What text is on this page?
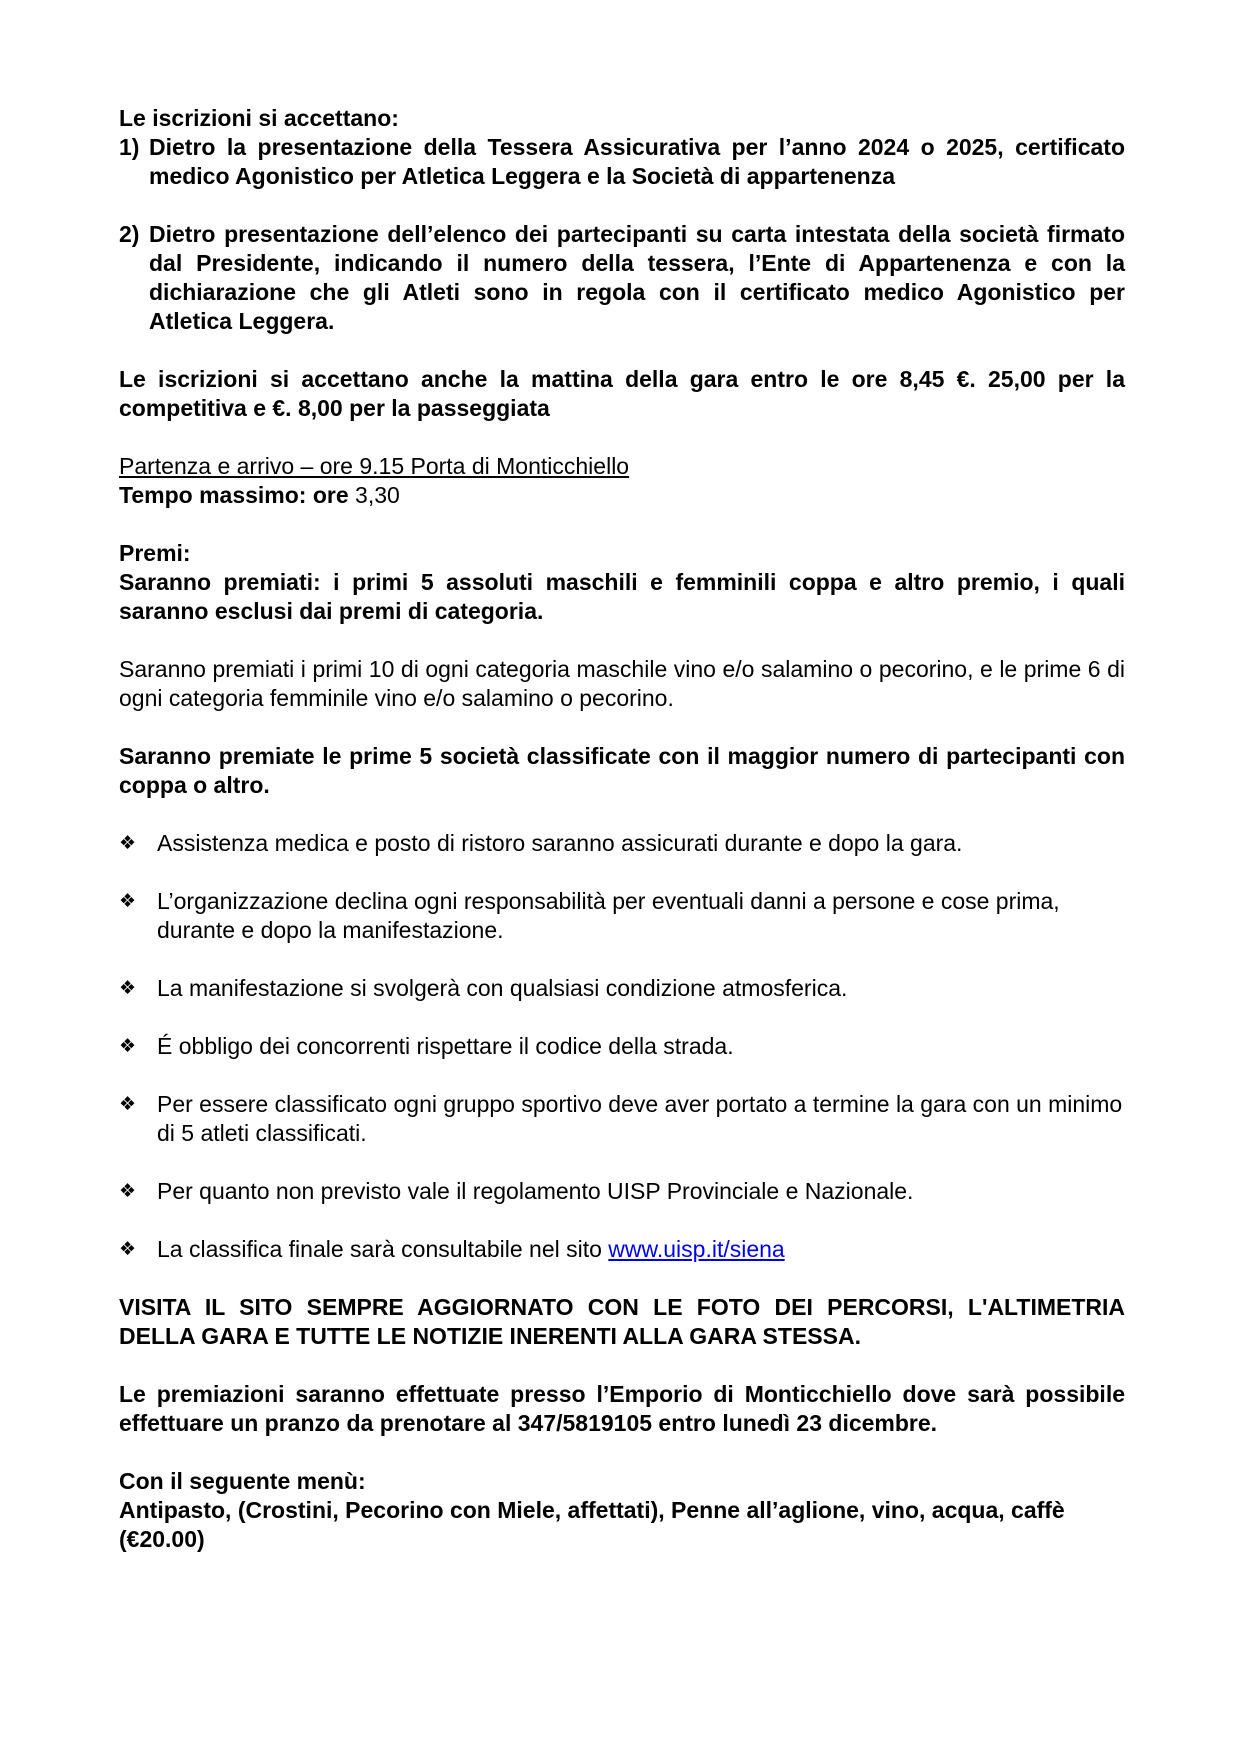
Le iscrizioni si accettano:

1) Dietro la presentazione della Tessera Assicurativa per l’anno 2024 o 2025, certificato medico Agonistico per Atletica Leggera e la Società di appartenenza
2) Dietro presentazione dell’elenco dei partecipanti su carta intestata della società firmato dal Presidente, indicando il numero della tessera, l’Ente di Appartenenza e con la dichiarazione che gli Atleti sono in regola con il certificato medico Agonistico per Atletica Leggera.

Le iscrizioni si accettano anche la mattina della gara entro le ore 8,45 €. 25,00 per la competitiva e €. 8,00 per la passeggiata

Partenza e arrivo – ore 9.15 Porta di Monticchiello

Tempo massimo: ore 3,30

Premi:

Saranno premiati: i primi 5 assoluti maschili e femminili coppa e altro premio, i quali saranno esclusi dai premi di categoria.

Saranno premiati i primi 10 di ogni categoria maschile vino e/o salamino o pecorino, e le prime 6 di ogni categoria femminile vino e/o salamino o pecorino.

Saranno premiate le prime 5 società classificate con il maggior numero di partecipanti con coppa o altro.

❖ Assistenza medica e posto di ristoro saranno assicurati durante e dopo la gara.
❖ L’organizzazione declina ogni responsabilità per eventuali danni a persone e cose prima, durante e dopo la manifestazione.
❖ La manifestazione si svolgerà con qualsiasi condizione atmosferica.
❖ É obbligo dei concorrenti rispettare il codice della strada.
❖ Per essere classificato ogni gruppo sportivo deve aver portato a termine la gara con un minimo di 5 atleti classificati.
❖ Per quanto non previsto vale il regolamento UISP Provinciale e Nazionale.
❖ La classifica finale sarà consultabile nel sito www.uisp.it/siena

VISITA IL SITO SEMPRE AGGIORNATO CON LE FOTO DEI PERCORSI, L'ALTIMETRIA DELLA GARA E TUTTE LE NOTIZIE INERENTI ALLA GARA STESSA.

Le premiazioni saranno effettuate presso l’Emporio di Monticchiello dove sarà possibile effettuare un pranzo da prenotare al 347/5819105 entro lunedì 23 dicembre.

Con il seguente menù:

Antipasto, (Crostini, Pecorino con Miele, affettati), Penne all’aglione, vino, acqua, caffè (€20.00)
